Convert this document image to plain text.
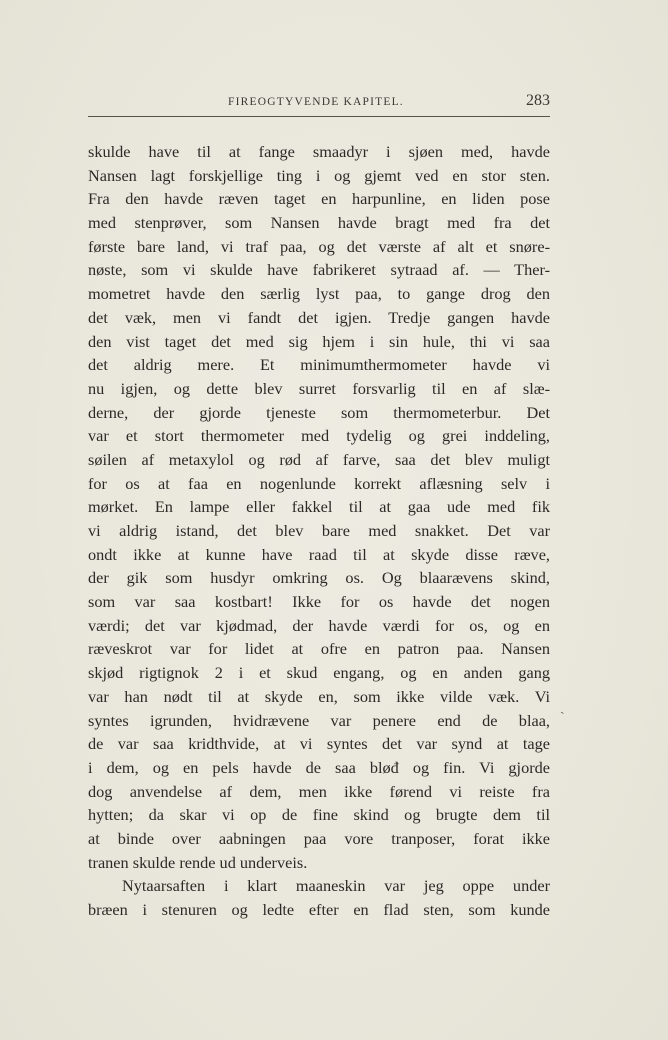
FIREOGTYVENDE KAPITEL.	283
skulde have til at fange smaadyr i sjøen med, havde
Nansen lagt forskjellige ting i og gjemt ved en stor sten.
Fra den havde ræven taget en harpunline, en liden pose
med stenprøver, som Nansen havde bragt med fra det
første bare land, vi traf paa, og det værste af alt et snøre-
nøste, som vi skulde have fabrikeret sytraad af. — Ther-
mometret havde den særlig lyst paa, to gange drog den
det væk, men vi fandt det igjen. Tredje gangen havde
den vist taget det med sig hjem i sin hule, thi vi saa
det aldrig mere. Et minimumthermometer havde vi
nu igjen, og dette blev surret forsvarlig til en af slæ-
derne, der gjorde tjeneste som thermometerbur. Det
var et stort thermometer med tydelig og grei inddeling,
søilen af metaxylol og rød af farve, saa det blev muligt
for os at faa en nogenlunde korrekt aflæsning selv i
mørket. En lampe eller fakkel til at gaa ude med fik
vi aldrig istand, det blev bare med snakket. Det var
ondt ikke at kunne have raad til at skyde disse ræve,
der gik som husdyr omkring os. Og blaarævens skind,
som var saa kostbart! Ikke for os havde det nogen
værdi; det var kjødmad, der havde værdi for os, og en
ræveskrot var for lidet at ofre en patron paa. Nansen
skjød rigtignok 2 i et skud engang, og en anden gang
var han nødt til at skyde en, som ikke vilde væk. Vi
syntes igrunden, hvidrævene var penere end de blaa,
de var saa kridthvide, at vi syntes det var synd at tage
i dem, og en pels havde de saa bløđ og fin. Vi gjorde
dog anvendelse af dem, men ikke førend vi reiste fra
hytten; da skar vi op de fine skind og brugte dem til
at binde over aabningen paa vore tranposer, forat ikke
tranen skulde rende ud underveis.
Nytaarsaften i klart maaneskin var jeg oppe under
bræen i stenuren og ledte efter en flad sten, som kunde
ˎ
